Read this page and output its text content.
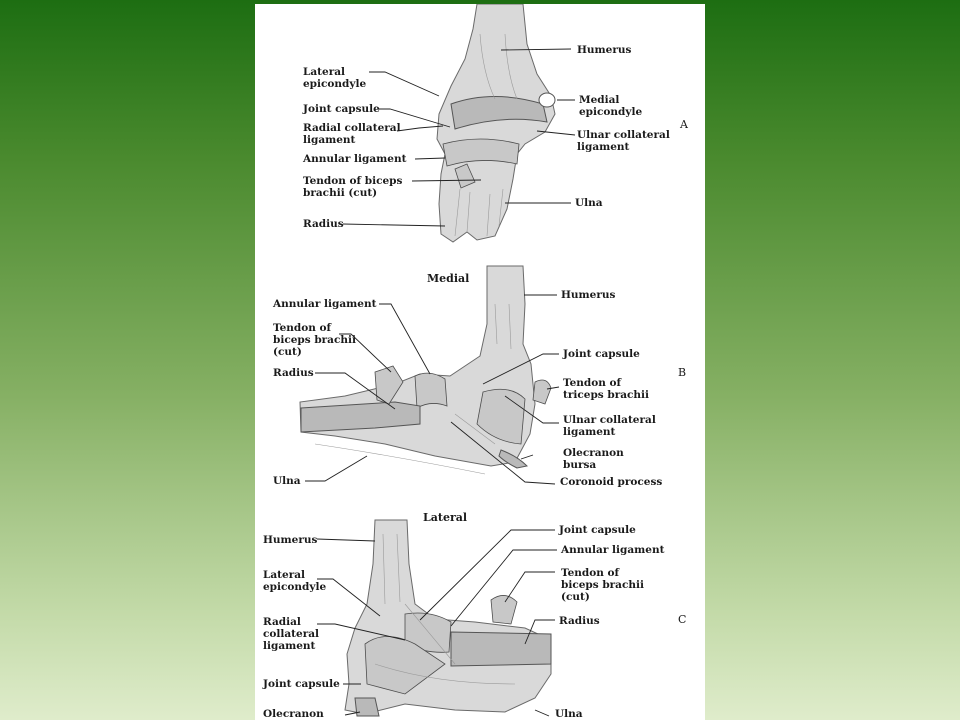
Humerus
Lateral
epicondyle
Joint capsule
Radial collateral
ligament
Annular ligament
Tendon of biceps
brachii (cut)
Radius
Medial
epicondyle
Ulnar collateral
ligament
Ulna
A
Medial
Humerus
Annular ligament
Tendon of
biceps brachii
(cut)
Radius
Joint capsule
Tendon of
triceps brachii
Ulnar collateral
ligament
Olecranon
bursa
Coronoid process
Ulna
B
Lateral
Humerus
Lateral
epicondyle
Radial
collateral
ligament
Joint capsule
Olecranon
Joint capsule
Annular ligament
Tendon of
biceps brachii
(cut)
Radius
Ulna
C
